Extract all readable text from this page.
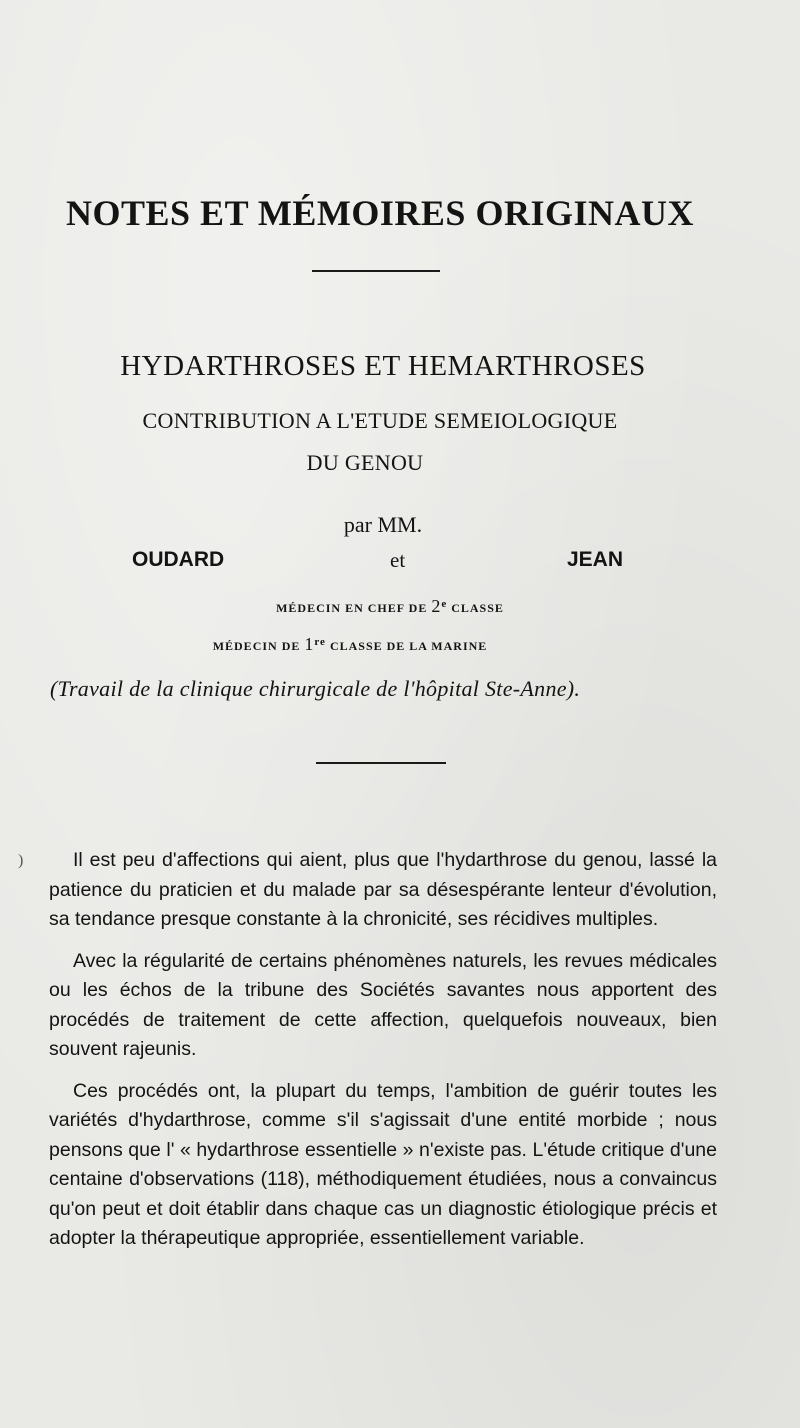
NOTES ET MÉMOIRES ORIGINAUX
HYDARTHROSES ET HEMARTHROSES
CONTRIBUTION A L'ETUDE SEMEIOLOGIQUE
DU GENOU
par MM.
OUDARD	et	JEAN
MÉDECIN EN CHEF DE 2e CLASSE
MÉDECIN DE 1re CLASSE DE LA MARINE
(Travail de la clinique chirurgicale de l'hôpital Ste-Anne).
)	Il est peu d'affections qui aient, plus que l'hydarthrose du genou, lassé la patience du praticien et du malade par sa désespérante lenteur d'évolution, sa tendance presque constante à la chronicité, ses récidives multiples.

Avec la régularité de certains phénomènes naturels, les revues médicales ou les échos de la tribune des Sociétés savantes nous apportent des procédés de traitement de cette affection, quelquefois nouveaux, bien souvent rajeunis.

Ces procédés ont, la plupart du temps, l'ambition de guérir toutes les variétés d'hydarthrose, comme s'il s'agissait d'une entité morbide ; nous pensons que l' « hydarthrose essentielle » n'existe pas. L'étude critique d'une centaine d'observations (118), méthodiquement étudiées, nous a convaincus qu'on peut et doit établir dans chaque cas un diagnostic étiologique précis et adopter la thérapeutique appropriée, essentiellement variable.
